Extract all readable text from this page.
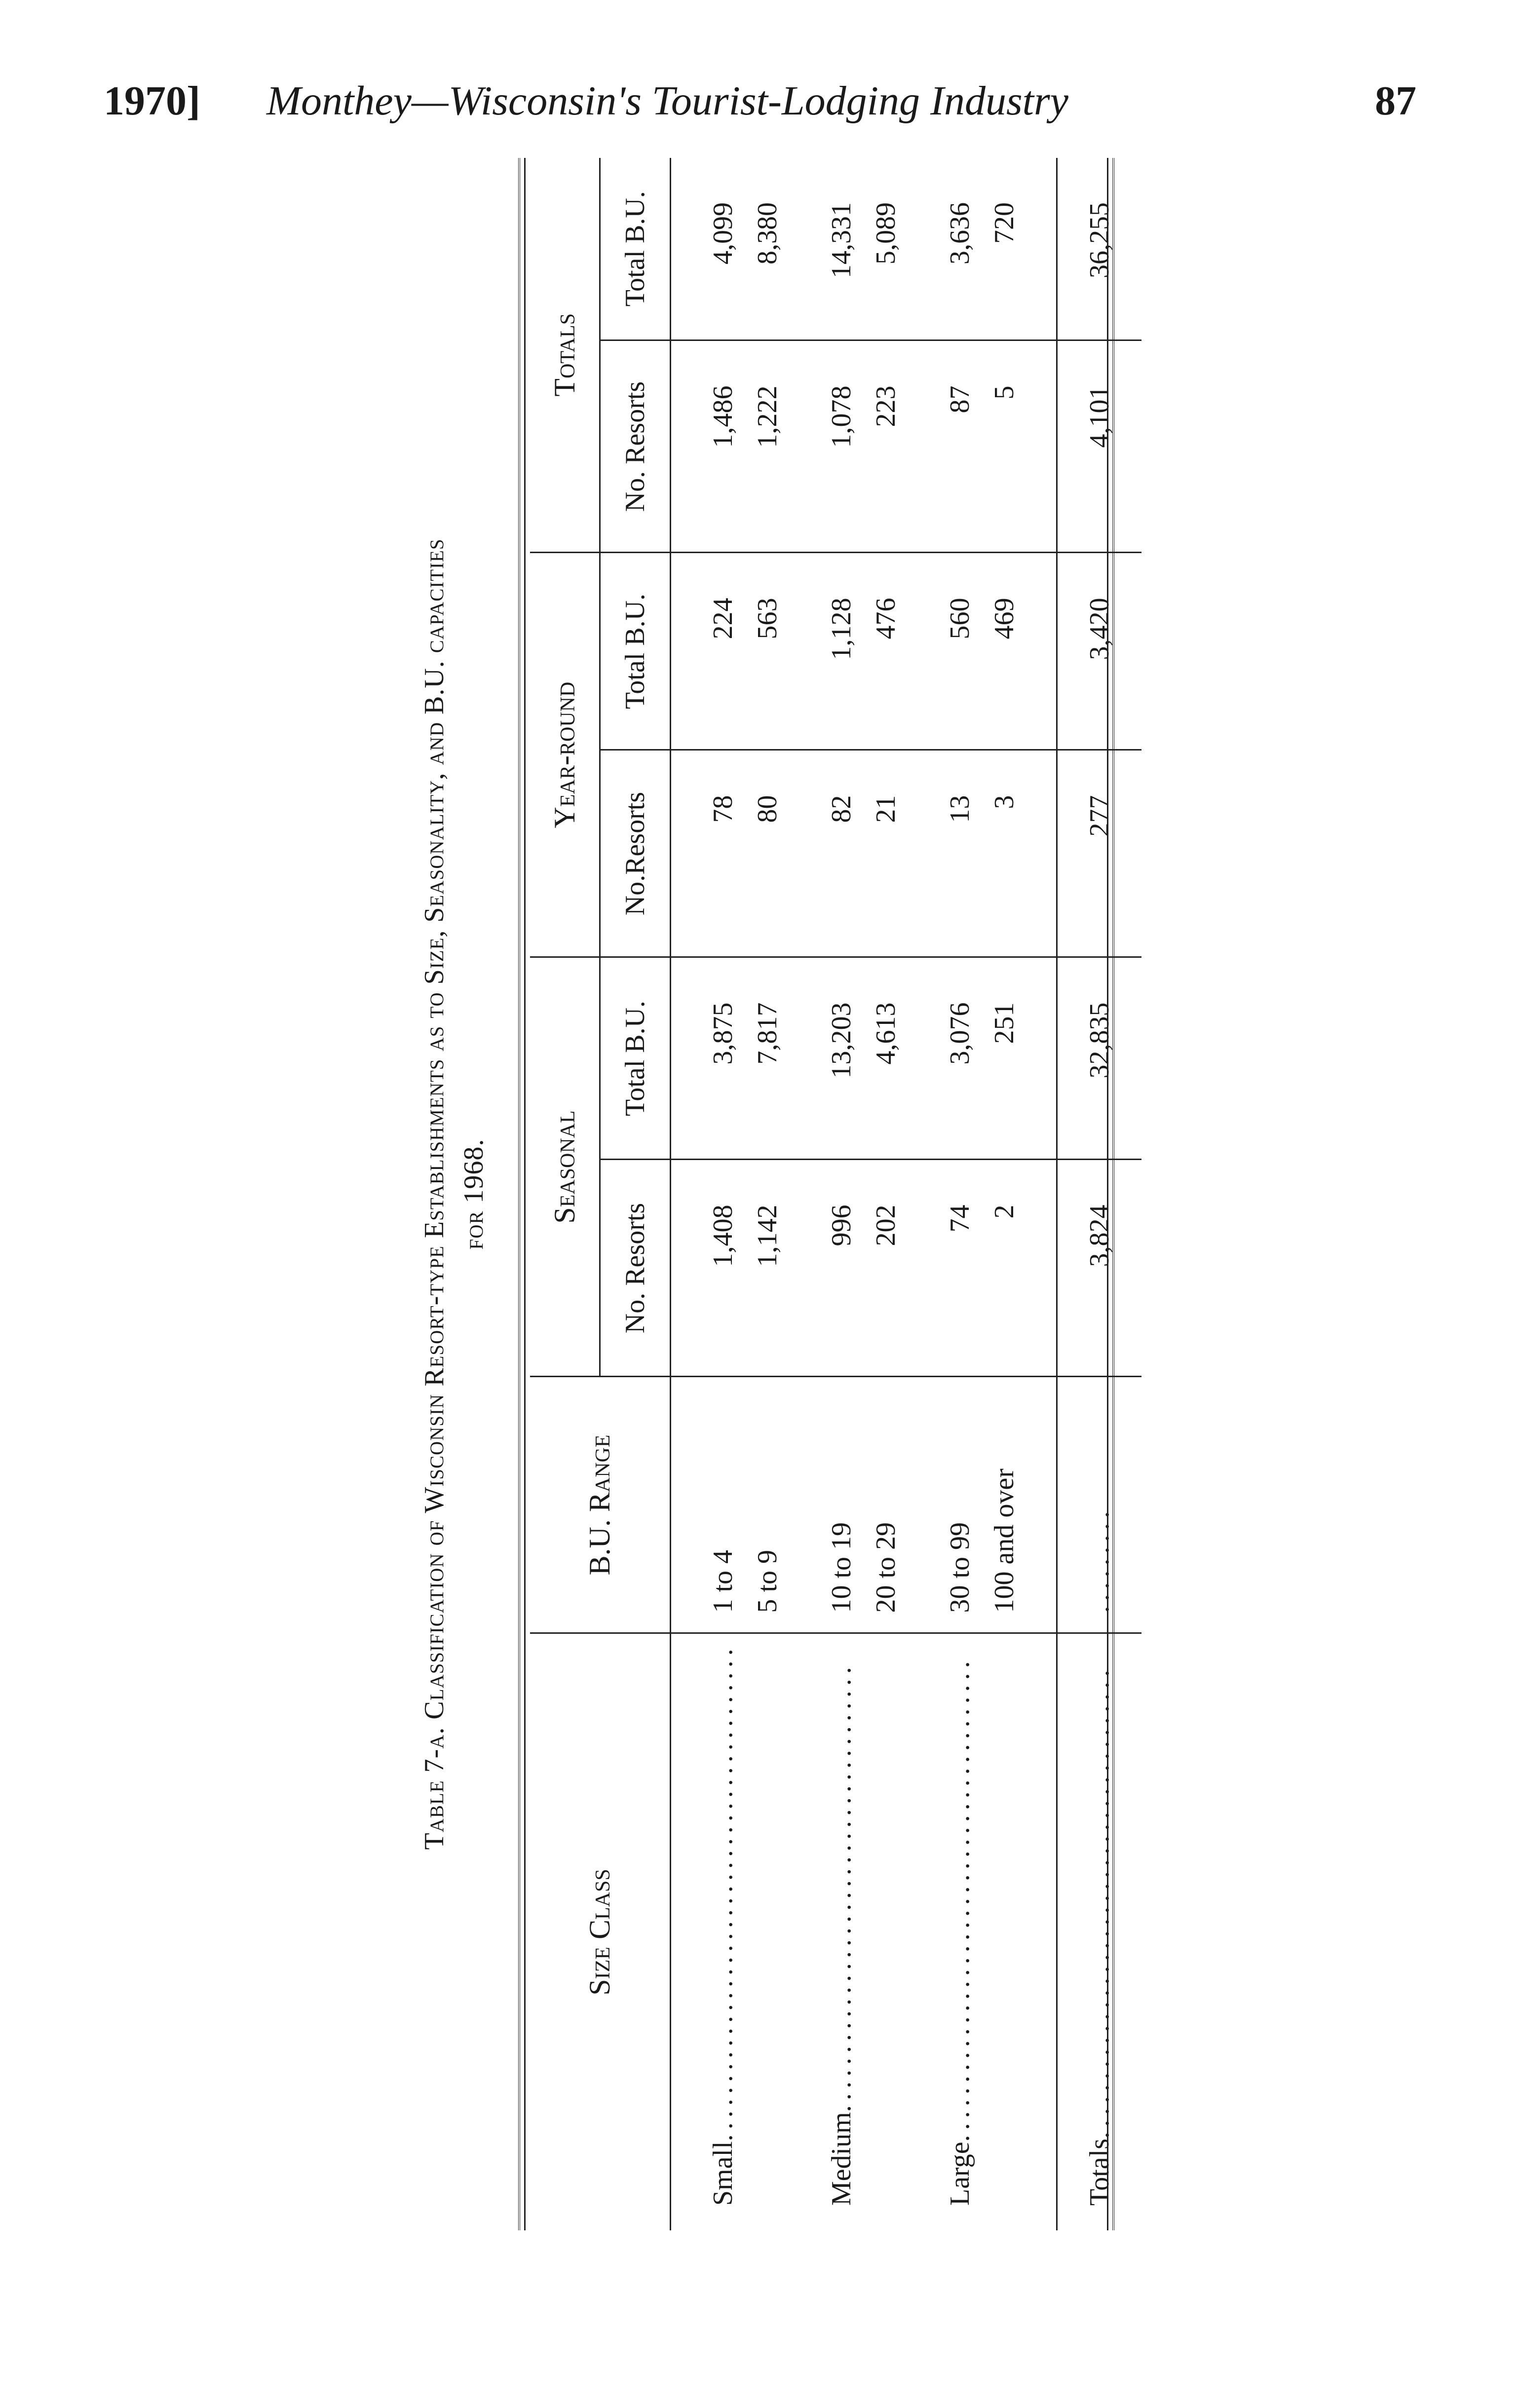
1970] Monthey—Wisconsin's Tourist-Lodging Industry	87
Table 7-a. Classification of Wisconsin Resort-type Establishments as to Size, Seasonality, and B.U. capacities for 1968.
Size Class	B.U. Range	Seasonal		Year-round		Totals	
		No. Resorts	Total B.U.	No.Resorts	Total B.U.	No. Resorts	Total B.U.

Small..........................................	1 to 4	1,408	3,875	78	224	1,486	4,099
	5 to 9	1,142	7,817	80	563	1,222	8,380

Medium......................................	10 to 19	996	13,203	82	1,128	1,078	14,331
	20 to 29	202	4,613	21	476	223	5,089

Large.........................................	30 to 99	74	3,076	13	560	87	3,636
	100 and over	2	251	3	469	5	720

Totals........................................	.........	3,824	32,835	277	3,420	4,101	36,255
